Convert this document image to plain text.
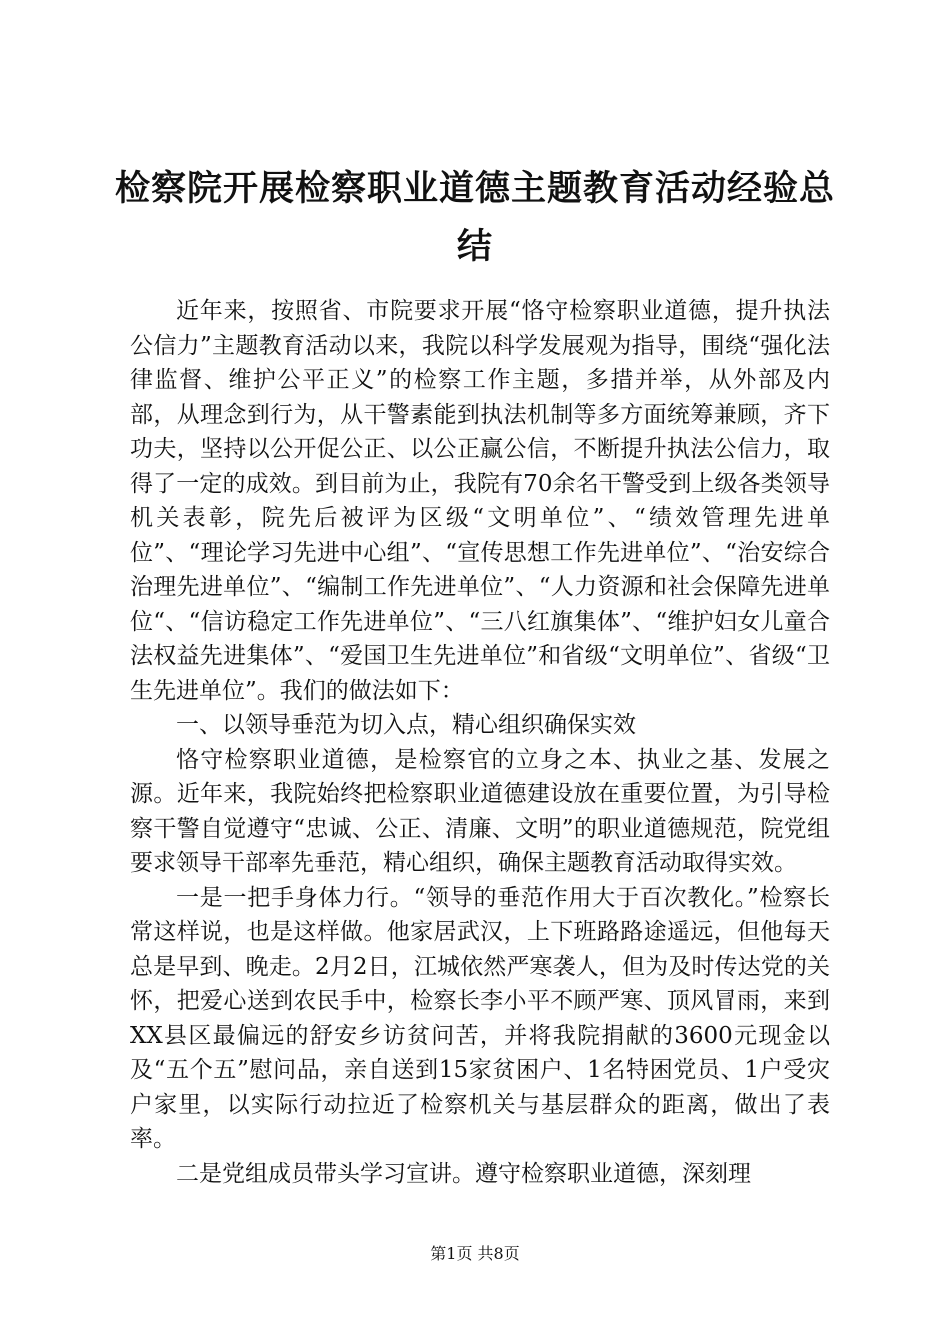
检察院开展检察职业道德主题教育活动经验总结

近年来，按照省、市院要求开展“恪守检察职业道德，提升执法公信力”主题教育活动以来，我院以科学发展观为指导，围绕“强化法律监督、维护公平正义”的检察工作主题，多措并举，从外部及内部，从理念到行为，从干警素能到执法机制等多方面统筹兼顾，齐下功夫，坚持以公开促公正、以公正赢公信，不断提升执法公信力，取得了一定的成效。到目前为止，我院有70余名干警受到上级各类领导机关表彰，院先后被评为区级“文明单位”、“绩效管理先进单位”、“理论学习先进中心组”、“宣传思想工作先进单位”、“治安综合治理先进单位”、“编制工作先进单位”、“人力资源和社会保障先进单位“、“信访稳定工作先进单位”、“三八红旗集体”、“维护妇女儿童合法权益先进集体”、“爱国卫生先进单位”和省级“文明单位”、省级“卫生先进单位”。我们的做法如下：

一、以领导垂范为切入点，精心组织确保实效

恪守检察职业道德，是检察官的立身之本、执业之基、发展之源。近年来，我院始终把检察职业道德建设放在重要位置，为引导检察干警自觉遵守“忠诚、公正、清廉、文明”的职业道德规范，院党组要求领导干部率先垂范，精心组织，确保主题教育活动取得实效。

一是一把手身体力行。“领导的垂范作用大于百次教化。”检察长常这样说，也是这样做。他家居武汉，上下班路路途遥远，但他每天总是早到、晚走。2月2日，江城依然严寒袭人，但为及时传达党的关怀，把爱心送到农民手中，检察长李小平不顾严寒、顶风冒雨，来到XX县区最偏远的舒安乡访贫问苦，并将我院捐献的3600元现金以及“五个五”慰问品，亲自送到15家贫困户、1名特困党员、1户受灾户家里，以实际行动拉近了检察机关与基层群众的距离，做出了表率。

二是党组成员带头学习宣讲。遵守检察职业道德，深刻理

第1页 共8页
